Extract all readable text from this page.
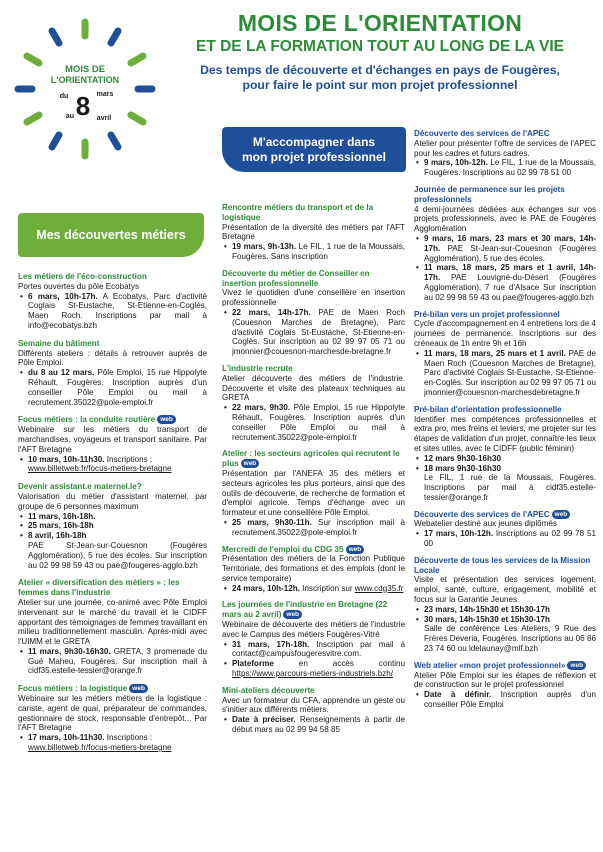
MOIS DE
L'ORIENTATION
du 8 mars
au	avril
MOIS DE L'ORIENTATION
ET DE LA FORMATION TOUT AU LONG DE LA VIE
Des temps de découverte et d'échanges en pays de Fougères,
pour faire le point sur mon projet professionnel
Mes découvertes métiers
M'accompagner dans
mon projet professionnel
Les métiers de l'éco-construction
Portes ouvertes du pôle Ecobatys
• 6 mars, 10h-17h. A Ecobatys, Parc d'activité Coglais St-Eustache, St-Etienne-en-Coglès, Maen Roch. Inscriptions par mail à info@ecobatys.bzh
Semaine du bâtiment
Différents ateliers : détails à retrouver auprès de Pôle Emploi.
• du 8 au 12 mars. Pôle Emploi, 15 rue Hippolyte Réhault, Fougères. Inscription auprès d'un conseiller Pôle Emploi ou mail à recrutement.35022@pole-emploi.fr
Focus métiers : la conduite routière web
Webinaire sur les métiers du transport de marchandises, voyageurs et transport sanitaire. Par l'AFT Bretagne
• 10 mars, 10h-11h30. Inscriptions :
www.billetweb.fr/focus-metiers-bretagne
Devenir assistant.e maternel.le?
Valorisation du métier d'assistant maternel, par groupe de 6 personnes maximum
• 11 mars, 16h-18h.
• 25 mars, 16h-18h
• 8 avril, 16h-18h
PAE St-Jean-sur-Couesnon (Fougères Agglomération), 5 rue des écoles. Sur inscription au 02 99 98 59 43 ou pae@fougeres-agglo.bzh
Atelier « diversification des métiers » : les femmes dans l'industrie
Atelier sur une journée, co-animé avec Pôle Emploi intervenant sur le marché du travail et le CIDFF apportant des témoignages de femmes travaillant en milieu traditionnellement masculin. Après-midi avec l'UIMM et le GRETA
• 11 mars, 9h30-16h30. GRETA, 3 promenade du Gué Maheu, Fougères. Sur inscription mail à cidf35.estelle-tessier@orange.fr
Focus métiers : la logistique web
Webinaire sur les métiers métiers de la logistique : cariste, agent de quai, préparateur de commandes, gestionnaire de stock, responsable d'entrepôt... Par l'AFT Bretagne
• 17 mars, 10h-11h30. Inscriptions :
www.billetweb.fr/focus-metiers-bretagne
Rencontre métiers du transport et de la logistique
Présentation de la diversité des métiers par l'AFT Bretagne
• 19 mars, 9h-13h. Le FIL, 1 rue de la Moussais, Fougères. Sans inscription
Découverte du métier de Conseiller en insertion professionnelle
Vivez le quotidien d'une conseillère en insertion professionnelle
• 22 mars, 14h-17h. PAE de Maen Roch (Couesnon Marches de Bretagne), Parc d'activité Coglais St-Eustache, St-Etienne-en-Coglès. Sur inscription au 02 99 97 05 71 ou jmonnier@couesnon-marchesde-bretagne.fr
L'industrie recrute
Atelier découverte des métiers de l'industrie. Découverte et visite des plateaux techniques au GRETA
• 22 mars, 9h30. Pôle Emploi, 15 rue Hippolyte Réhault, Fougères. Inscription auprès d'un conseiller Pôle Emploi ou mail à recrutement.35022@pole-emploi.fr
Atelier : les secteurs agricoles qui recrutent le plus web
Présentation par l'ANEFA 35 des métiers et secteurs agricoles les plus porteurs, ainsi que des outils de découverte, de recherche de formation et d'emploi agricole. Temps d'échange avec un formateur et une conseillère Pôle Emploi.
• 25 mars, 9h30-11h. Sur inscription mail à recrutement.35022@pole-emploi.fr
Mercredi de l'emploi du CDG 35 web
Présentation des métiers de la Fonction Publique Territoriale, des formations et des emplois (dont le service temporaire)
• 24 mars, 10h-12h. Inscription sur www.cdg35.fr
Les journées de l'industrie en Bretagne (22 mars au 2 avril) web
Webinaire de découverte des métiers de l'industrie avec le Campus des métiers Fougères-Vitré
• 31 mars, 17h-18h. Inscription par mail à contact@campusfougeresvitre.com.
• Plateforme en accès continu https://www.parcours-metiers-industriels.bzh/
Mini-ateliers découverte
Avec un formateur du CFA, apprendre un geste ou s'initier aux différents métiers.
• Date à préciser. Renseignements à partir de début mars au 02 99 94 58 85
Découverte des services de l'APEC
Atelier pour présenter l'offre de services de l'APEC pour les cadres et futurs cadres.
• 9 mars, 10h-12h. Le FIL, 1 rue de la Moussais, Fougères. Inscriptions au 02 99 78 51 00
Journée de permanence sur les projets professionnels
4 demi-journées dédiées aux échanges sur vos projets professionnels, avec le PAE de Fougères Agglomération
• 9 mars, 16 mars, 23 mars et 30 mars, 14h-17h. PAE St-Jean-sur-Couesnon (Fougères Agglomération), 5 rue des écoles.
• 11 mars, 18 mars, 25 mars et 1 avril, 14h-17h. PAE Louvigné-du-Désert (Fougères Agglomération), 7 rue d'Alsace Sur inscription au 02 99 98 59 43 ou pae@fougeres-agglo.bzh
Pré-bilan vers un projet professionnel
Cycle d'accompagnement en 4 entretiens lors de 4 journées de permanence. Inscriptions sur des créneaux de 1h entre 9h et 16h
• 11 mars, 18 mars, 25 mars et 1 avril. PAE de Maen Roch (Couesnon Marches de Bretagne), Parc d'activité Coglais St-Eustache, St-Etienne-en-Coglès. Sur inscription au 02 99 97 05 71 ou jmonnier@couesnon-marchesdebretagne.fr
Pré-bilan d'orientation professionnelle
Identifier mes compétences professionnelles et extra pro, mes freins et leviers, me projeter sur les étapes de validation d'un projet, connaître les lieux et sites utiles, avec le CIDFF (public féminin)
• 12 mars 9h30-16h30
• 18 mars 9h30-16h30
Le FIL, 1 rue de la Moussais, Fougères. Inscriptions par mail à cidf35.estelle-tessier@orange.fr
Découverte des services de l'APEC web
Webatelier destiné aux jeunes diplômés
• 17 mars, 10h-12h. Inscriptions au 02 99 78 51 00
Découverte de tous les services de la Mission Locale
Visite et présentation des services logement, emploi, santé, culture, engagement, mobilité et focus sur la Garantie Jeunes.
• 23 mars, 14h-15h30 et 15h30-17h
• 30 mars, 14h-15h30 et 15h30-17h
Salle de conférence Les Ateliers, 9 Rue des Frères Deveria, Fougères. Inscriptions au 06 86 23 74 60 ou ldelaunay@mlf.bzh
Web atelier «mon projet professionnel» web
Atelier Pôle Emploi sur les étapes de réflexion et de construction sur le projet professionnel
• Date à définir. Inscription auprès d'un conseiller Pôle Emploi
